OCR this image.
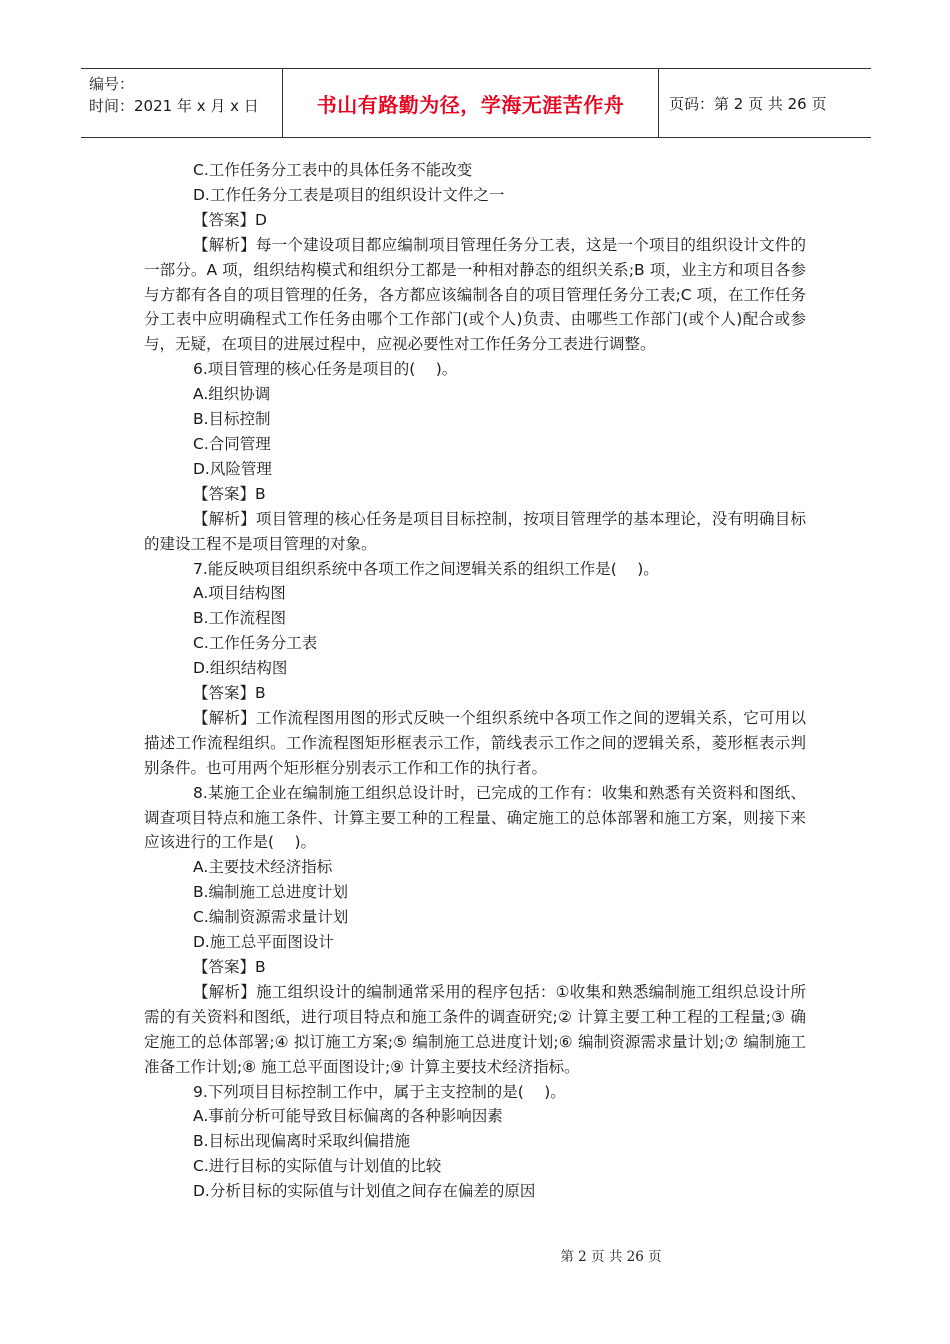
编号：
时间：2021 年 x 月 x 日	书山有路勤为径，学海无涯苦作舟	页码：第 2 页 共 26 页

C.工作任务分工表中的具体任务不能改变

D.工作任务分工表是项目的组织设计文件之一

【答案】D

【解析】每一个建设项目都应编制项目管理任务分工表，这是一个项目的组织设计文件的一部分。A 项，组织结构模式和组织分工都是一种相对静态的组织关系;B 项，业主方和项目各参与方都有各自的项目管理的任务，各方都应该编制各自的项目管理任务分工表;C 项，在工作任务分工表中应明确程式工作任务由哪个工作部门(或个人)负责、由哪些工作部门(或个人)配合或参与，无疑，在项目的进展过程中，应视必要性对工作任务分工表进行调整。

6.项目管理的核心任务是项目的(　 )。

A.组织协调

B.目标控制

C.合同管理

D.风险管理

【答案】B

【解析】项目管理的核心任务是项目目标控制，按项目管理学的基本理论，没有明确目标的建设工程不是项目管理的对象。

7.能反映项目组织系统中各项工作之间逻辑关系的组织工作是(　 )。

A.项目结构图

B.工作流程图

C.工作任务分工表

D.组织结构图

【答案】B

【解析】工作流程图用图的形式反映一个组织系统中各项工作之间的逻辑关系，它可用以描述工作流程组织。工作流程图矩形框表示工作，箭线表示工作之间的逻辑关系，菱形框表示判别条件。也可用两个矩形框分别表示工作和工作的执行者。

8.某施工企业在编制施工组织总设计时，已完成的工作有：收集和熟悉有关资料和图纸、调查项目特点和施工条件、计算主要工种的工程量、确定施工的总体部署和施工方案，则接下来应该进行的工作是(　 )。

A.主要技术经济指标

B.编制施工总进度计划

C.编制资源需求量计划

D.施工总平面图设计

【答案】B

【解析】施工组织设计的编制通常采用的程序包括：①收集和熟悉编制施工组织总设计所需的有关资料和图纸，进行项目特点和施工条件的调查研究;② 计算主要工种工程的工程量;③ 确定施工的总体部署;④ 拟订施工方案;⑤ 编制施工总进度计划;⑥ 编制资源需求量计划;⑦ 编制施工准备工作计划;⑧ 施工总平面图设计;⑨ 计算主要技术经济指标。

9.下列项目目标控制工作中，属于主支控制的是(　 )。

A.事前分析可能导致目标偏离的各种影响因素

B.目标出现偏离时采取纠偏措施

C.进行目标的实际值与计划值的比较

D.分析目标的实际值与计划值之间存在偏差的原因

第 2 页 共 26 页
